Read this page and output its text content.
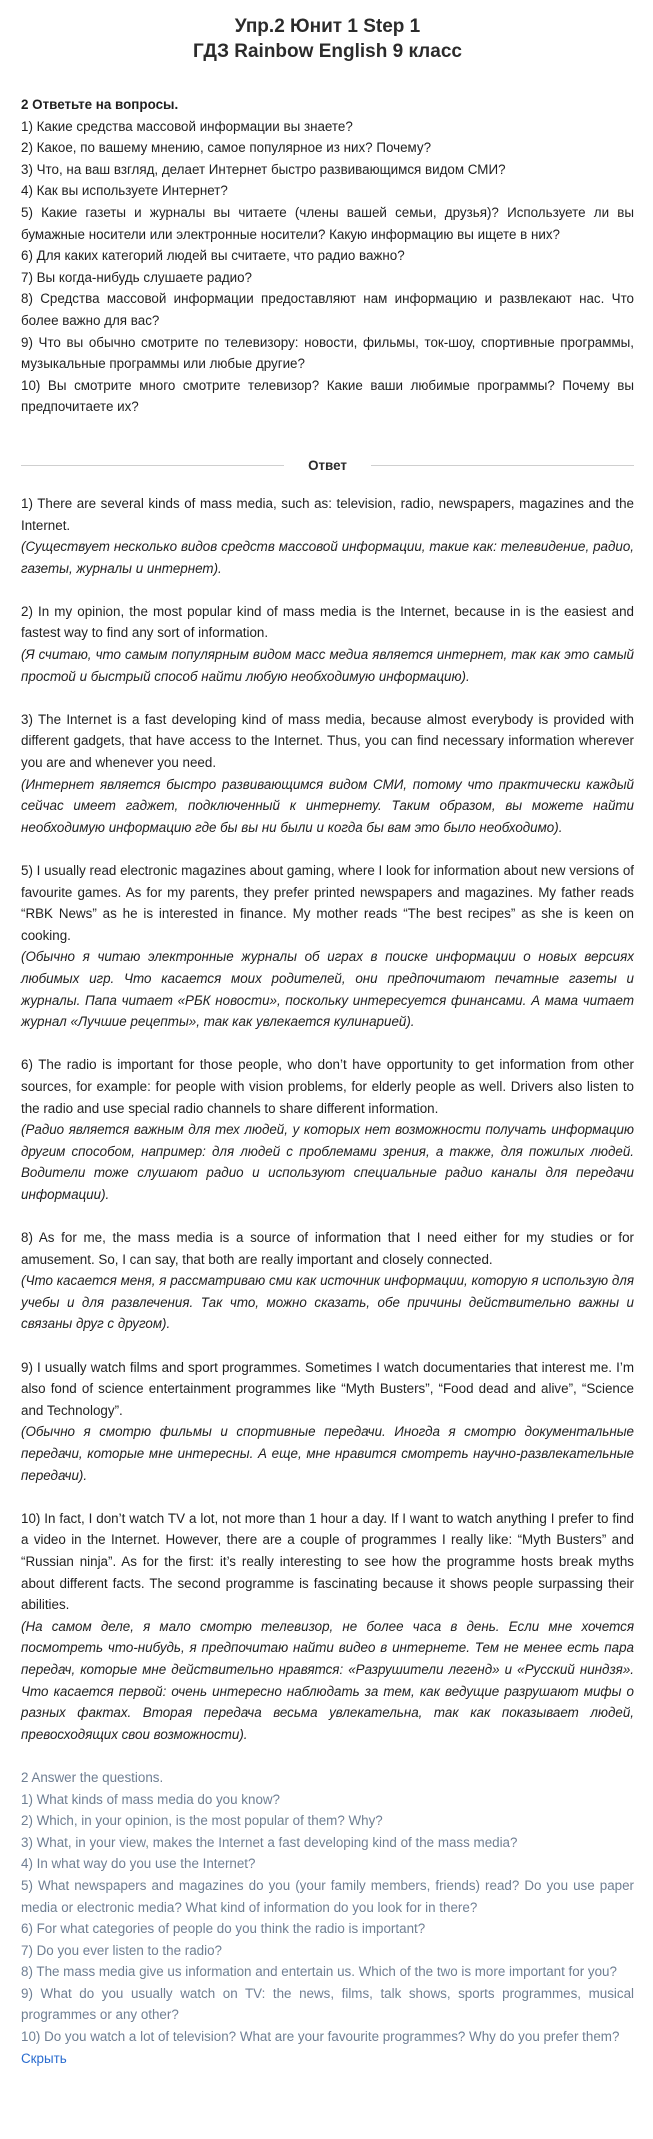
Упр.2 Юнит 1 Step 1
ГДЗ Rainbow English 9 класс
2 Ответьте на вопросы.
1) Какие средства массовой информации вы знаете?
2) Какое, по вашему мнению, самое популярное из них? Почему?
3) Что, на ваш взгляд, делает Интернет быстро развивающимся видом СМИ?
4) Как вы используете Интернет?
5) Какие газеты и журналы вы читаете (члены вашей семьи, друзья)? Используете ли вы бумажные носители или электронные носители? Какую информацию вы ищете в них?
6) Для каких категорий людей вы считаете, что радио важно?
7) Вы когда-нибудь слушаете радио?
8) Средства массовой информации предоставляют нам информацию и развлекают нас. Что более важно для вас?
9) Что вы обычно смотрите по телевизору: новости, фильмы, ток-шоу, спортивные программы, музыкальные программы или любые другие?
10) Вы смотрите много смотрите телевизор? Какие ваши любимые программы? Почему вы предпочитаете их?
Ответ
1) There are several kinds of mass media, such as: television, radio, newspapers, magazines and the Internet.
(Существует несколько видов средств массовой информации, такие как: телевидение, радио, газеты, журналы и интернет).
2) In my opinion, the most popular kind of mass media is the Internet, because in is the easiest and fastest way to find any sort of information.
(Я считаю, что самым популярным видом масс медиа является интернет, так как это самый простой и быстрый способ найти любую необходимую информацию).
3) The Internet is a fast developing kind of mass media, because almost everybody is provided with different gadgets, that have access to the Internet. Thus, you can find necessary information wherever you are and whenever you need.
(Интернет является быстро развивающимся видом СМИ, потому что практически каждый сейчас имеет гаджет, подключенный к интернету. Таким образом, вы можете найти необходимую информацию где бы вы ни были и когда бы вам это было необходимо).
5) I usually read electronic magazines about gaming, where I look for information about new versions of favourite games. As for my parents, they prefer printed newspapers and magazines. My father reads “RBK News” as he is interested in finance. My mother reads “The best recipes” as she is keen on cooking.
(Обычно я читаю электронные журналы об играх в поиске информации о новых версиях любимых игр. Что касается моих родителей, они предпочитают печатные газеты и журналы. Папа читает «РБК новости», поскольку интересуется финансами. А мама читает журнал «Лучшие рецепты», так как увлекается кулинарией).
6) The radio is important for those people, who don’t have opportunity to get information from other sources, for example: for people with vision problems, for elderly people as well. Drivers also listen to the radio and use special radio channels to share different information.
(Радио является важным для тех людей, у которых нет возможности получать информацию другим способом, например: для людей с проблемами зрения, а также, для пожилых людей. Водители тоже слушают радио и используют специальные радио каналы для передачи информации).
8) As for me, the mass media is a source of information that I need either for my studies or for amusement. So, I can say, that both are really important and closely connected.
(Что касается меня, я рассматриваю сми как источник информации, которую я использую для учебы и для развлечения. Так что, можно сказать, обе причины действительно важны и связаны друг с другом).
9) I usually watch films and sport programmes. Sometimes I watch documentaries that interest me. I’m also fond of science entertainment programmes like “Myth Busters”, “Food dead and alive”, “Science and Technology”.
(Обычно я смотрю фильмы и спортивные передачи. Иногда я смотрю документальные передачи, которые мне интересны. А еще, мне нравится смотреть научно-развлекательные передачи).
10) In fact, I don’t watch TV a lot, not more than 1 hour a day. If I want to watch anything I prefer to find a video in the Internet. However, there are a couple of programmes I really like: “Myth Busters” and “Russian ninja”. As for the first: it’s really interesting to see how the programme hosts break myths about different facts. The second programme is fascinating because it shows people surpassing their abilities.
(На самом деле, я мало смотрю телевизор, не более часа в день. Если мне хочется посмотреть что-нибудь, я предпочитаю найти видео в интернете. Тем не менее есть пара передач, которые мне действительно нравятся: «Разрушители легенд» и «Русский ниндзя». Что касается первой: очень интересно наблюдать за тем, как ведущие разрушают мифы о разных фактах. Вторая передача весьма увлекательна, так как показывает людей, превосходящих свои возможности).
2 Answer the questions.
1) What kinds of mass media do you know?
2) Which, in your opinion, is the most popular of them? Why?
3) What, in your view, makes the Internet a fast developing kind of the mass media?
4) In what way do you use the Internet?
5) What newspapers and magazines do you (your family members, friends) read? Do you use paper media or electronic media? What kind of information do you look for in there?
6) For what categories of people do you think the radio is important?
7) Do you ever listen to the radio?
8) The mass media give us information and entertain us. Which of the two is more important for you?
9) What do you usually watch on TV: the news, films, talk shows, sports programmes, musical programmes or any other?
10) Do you watch a lot of television? What are your favourite programmes? Why do you prefer them?
Скрыть
